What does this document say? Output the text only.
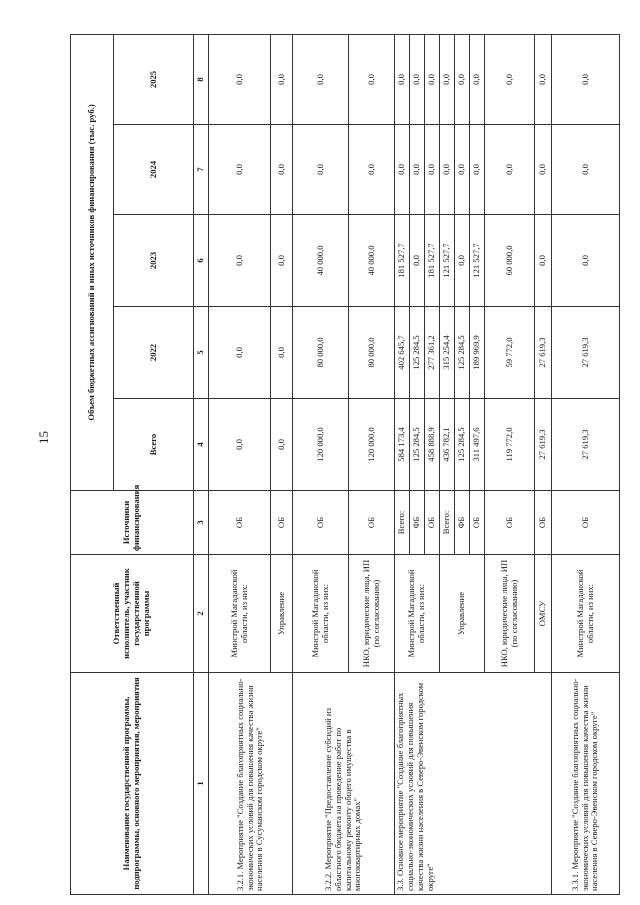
15
Наименование государственной программы, подпрограммы, основного мероприятия, мероприятия	Ответственный исполнитель, участник государственной программы	Источники финансирования	Объем бюджетных ассигнований и иных источников финансирования (тыс. руб.)				
			Всего	2022	2023	2024	2025
1	2	3	4	5	6	7	8
3.2.1. Мероприятие "Создание благоприятных социально-экономических условий для повышения качества жизни населения в Сусуманском городском округе"	Минстрой Магаданской области, из них:	ОБ	0,0	0,0	0,0	0,0	0,0
	Управление	ОБ	0,0	0,0	0,0	0,0	0,0
3.2.2. Мероприятие "Предоставление субсидий из областного бюджета на проведение работ по капитальному ремонту общего имущества в многоквартирных домах"	Минстрой Магаданской области, из них:	ОБ	120 000,0	80 000,0	40 000,0	0,0	0,0
	НКО, юридические лица, ИП (по согласованию)	ОБ	120 000,0	80 000,0	40 000,0	0,0	0,0
3.3. Основное мероприятие "Создание благоприятных социально-экономических условий для повышения качества жизни населения в Северо-Эвенском городском округе"	Минстрой Магаданской области, из них:	Всего:	584 173,4	402 645,7	181 527,7	0,0	0,0
		ФБ	125 284,5	125 284,5	0,0	0,0	0,0
		ОБ	458 888,9	277 361,2	181 527,7	0,0	0,0
	Управление	Всего:	436 782,1	315 254,4	121 527,7	0,0	0,0
		ФБ	125 284,5	125 284,5	0,0	0,0	0,0
		ОБ	311 497,6	189 969,9	121 527,7	0,0	0,0
	НКО, юридические лица, ИП (по согласованию)	ОБ	119 772,0	59 772,0	60 000,0	0,0	0,0
	ОМСУ	ОБ	27 619,3	27 619,3	0,0	0,0	0,0
3.3.1. Мероприятие "Создание благоприятных социально-экономических условий для повышения качества жизни населения в Северо-Эвенском городском округе"	Минстрой Магаданской области, из них:	ОБ	27 619,3	27 619,3	0,0	0,0	0,0
